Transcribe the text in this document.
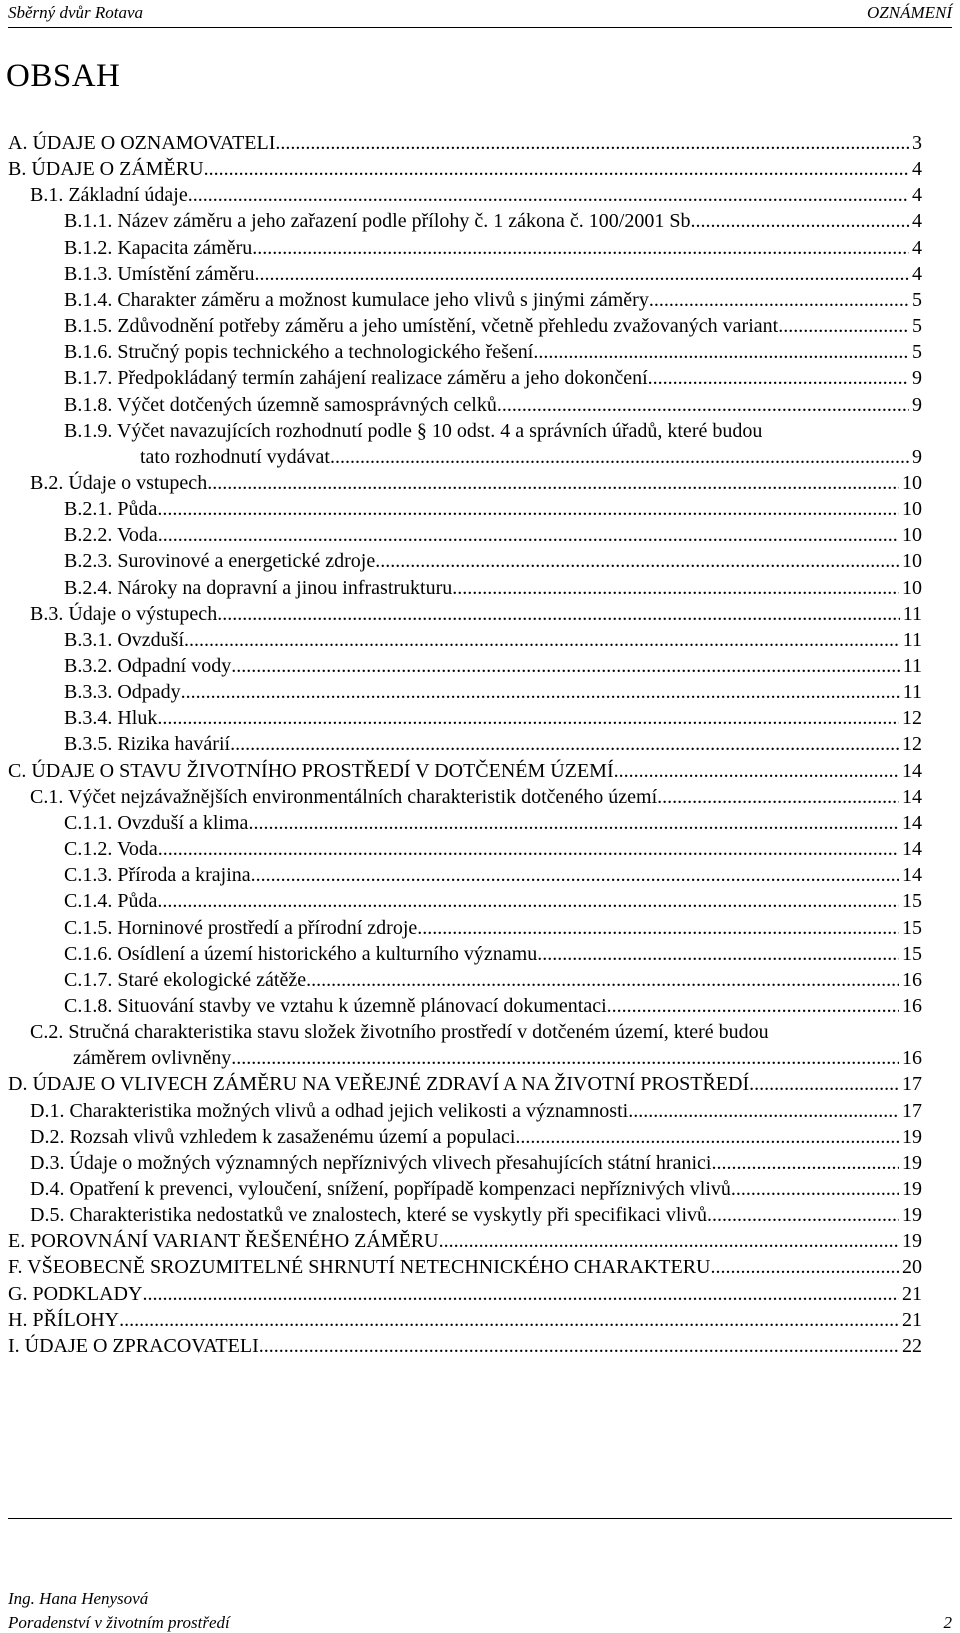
Sběrný dvůr Rotava	OZNÁMENÍ
OBSAH
A. ÚDAJE O OZNAMOVATELI .....	3
B. ÚDAJE O ZÁMĚRU .....	4
B.1. Základní údaje .....	4
B.1.1. Název záměru a jeho zařazení podle přílohy č. 1 zákona č. 100/2001 Sb. .....	4
B.1.2. Kapacita záměru .....	4
B.1.3. Umístění záměru .....	4
B.1.4. Charakter záměru a možnost kumulace jeho vlivů s jinými záměry .....	5
B.1.5. Zdůvodnění potřeby záměru a jeho umístění, včetně přehledu zvažovaných variant .....	5
B.1.6. Stručný popis technického a technologického řešení .....	5
B.1.7. Předpokládaný termín zahájení realizace záměru a jeho dokončení .....	9
B.1.8. Výčet dotčených územně samosprávných celků .....	9
B.1.9. Výčet navazujících rozhodnutí podle § 10 odst. 4 a správních úřadů, které budou
tato rozhodnutí vydávat .....	9
B.2. Údaje o vstupech .....	10
B.2.1. Půda .....	10
B.2.2. Voda .....	10
B.2.3. Surovinové a energetické zdroje .....	10
B.2.4. Nároky na dopravní a jinou infrastrukturu .....	10
B.3. Údaje o výstupech .....	11
B.3.1. Ovzduší .....	11
B.3.2. Odpadní vody .....	11
B.3.3. Odpady .....	11
B.3.4. Hluk .....	12
B.3.5. Rizika havárií .....	12
C. ÚDAJE O STAVU ŽIVOTNÍHO PROSTŘEDÍ V DOTČENÉM ÚZEMÍ .....	14
C.1. Výčet nejzávažnějších environmentálních charakteristik dotčeného území .....	14
C.1.1. Ovzduší a klima .....	14
C.1.2. Voda .....	14
C.1.3. Příroda a krajina .....	14
C.1.4. Půda .....	15
C.1.5. Horninové prostředí a přírodní zdroje .....	15
C.1.6. Osídlení a území historického a kulturního významu .....	15
C.1.7. Staré ekologické zátěže .....	16
C.1.8. Situování stavby ve vztahu k územně plánovací dokumentaci .....	16
C.2. Stručná charakteristika stavu složek životního prostředí v dotčeném území, které budou
záměrem ovlivněny .....	16
D. ÚDAJE O VLIVECH ZÁMĚRU NA VEŘEJNÉ ZDRAVÍ A NA ŽIVOTNÍ PROSTŘEDÍ .....	17
D.1. Charakteristika možných vlivů a odhad jejich velikosti a významnosti .....	17
D.2. Rozsah vlivů vzhledem k zasaženému území a populaci .....	19
D.3. Údaje o možných významných nepříznivých vlivech přesahujících státní hranici .....	19
D.4. Opatření k prevenci, vyloučení, snížení, popřípadě kompenzaci nepříznivých vlivů .....	19
D.5. Charakteristika nedostatků ve znalostech, které se vyskytly při specifikaci vlivů .....	19
E. POROVNÁNÍ VARIANT ŘEŠENÉHO ZÁMĚRU .....	19
F. VŠEOBECNĚ SROZUMITELNÉ SHRNUTÍ NETECHNICKÉHO CHARAKTERU .....	20
G. PODKLADY .....	21
H. PŘÍLOHY .....	21
I. ÚDAJE O ZPRACOVATELI .....	22
Ing. Hana Henysová
Poradenství v životním prostředí	2
